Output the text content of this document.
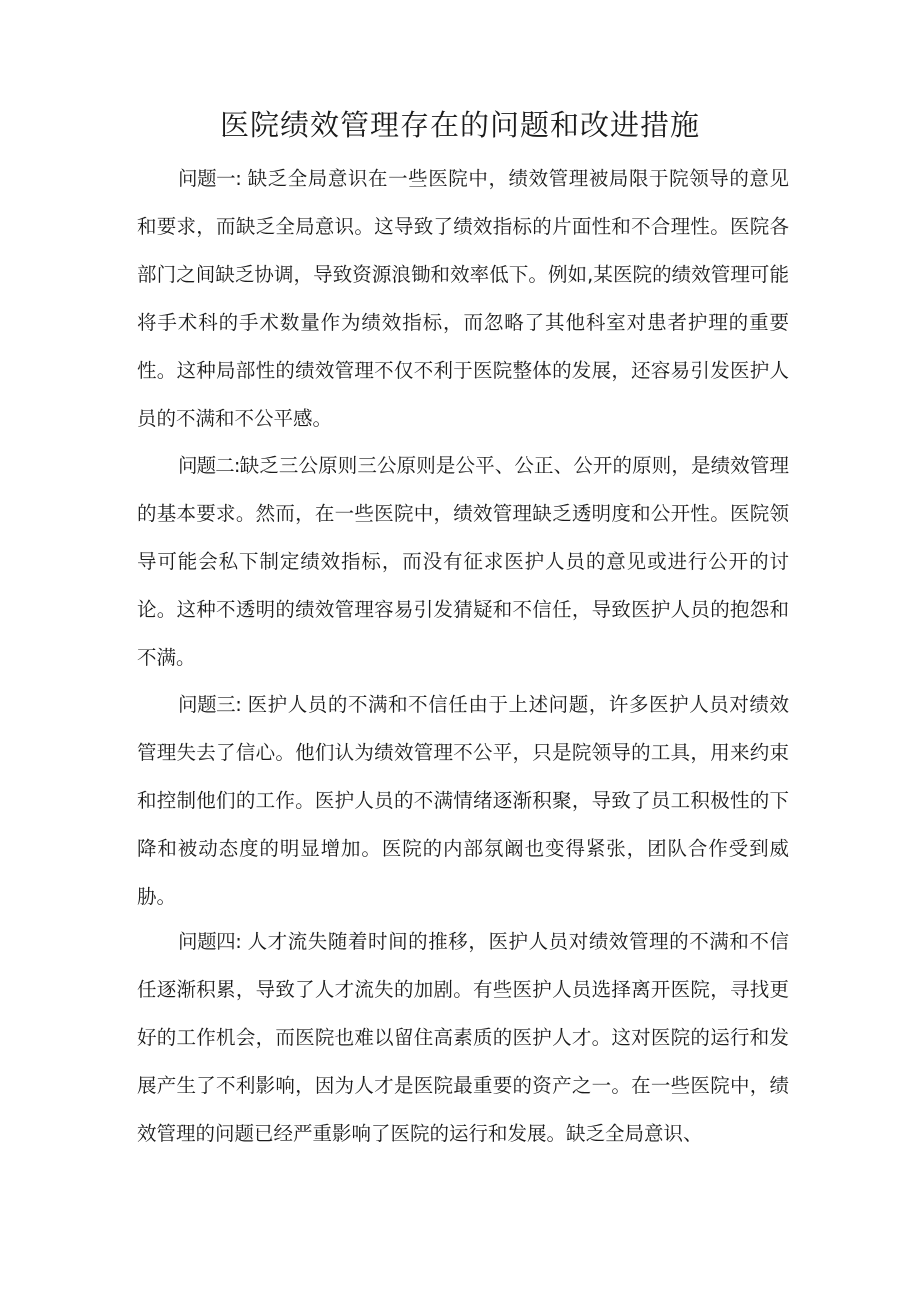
医院绩效管理存在的问题和改进措施

问题一: 缺乏全局意识在一些医院中，绩效管理被局限于院领导的意见和要求，而缺乏全局意识。这导致了绩效指标的片面性和不合理性。医院各部门之间缺乏协调，导致资源浪锄和效率低下。例如,某医院的绩效管理可能将手术科的手术数量作为绩效指标，而忽略了其他科室对患者护理的重要性。这种局部性的绩效管理不仅不利于医院整体的发展，还容易引发医护人员的不满和不公平感。

问题二:缺乏三公原则三公原则是公平、公正、公开的原则，是绩效管理的基本要求。然而，在一些医院中，绩效管理缺乏透明度和公开性。医院领导可能会私下制定绩效指标，而没有征求医护人员的意见或进行公开的讨论。这种不透明的绩效管理容易引发猜疑和不信任，导致医护人员的抱怨和不满。

问题三: 医护人员的不满和不信任由于上述问题，许多医护人员对绩效管理失去了信心。他们认为绩效管理不公平，只是院领导的工具，用来约束和控制他们的工作。医护人员的不满情绪逐渐积聚，导致了员工积极性的下降和被动态度的明显增加。医院的内部氛阚也变得紧张，团队合作受到威胁。

问题四: 人才流失随着时间的推移，医护人员对绩效管理的不满和不信任逐渐积累，导致了人才流失的加剧。有些医护人员选择离开医院，寻找更好的工作机会，而医院也难以留住高素质的医护人才。这对医院的运行和发展产生了不利影响，因为人才是医院最重要的资产之一。在一些医院中，绩效管理的问题已经严重影响了医院的运行和发展。缺乏全局意识、
